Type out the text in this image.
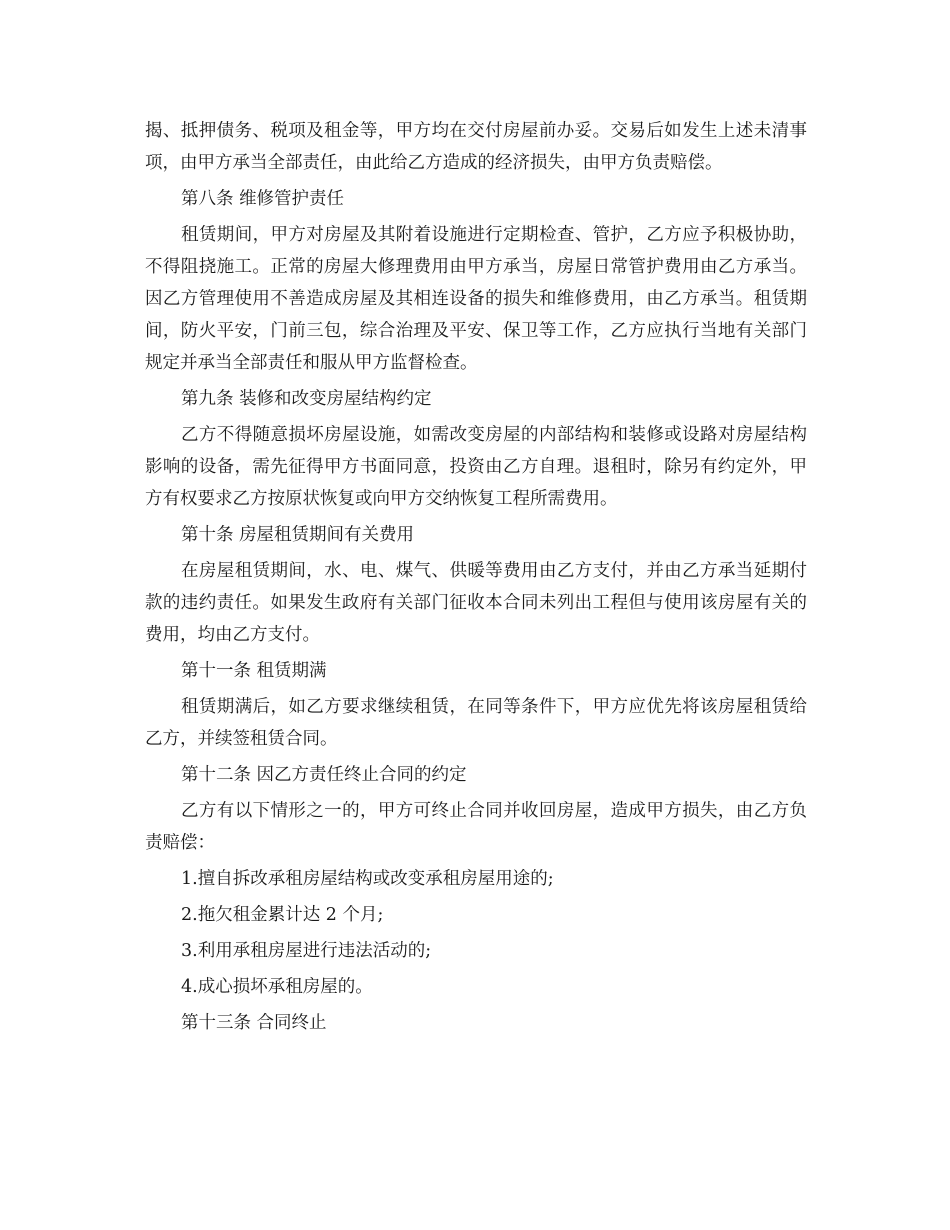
揭、抵押债务、税项及租金等，甲方均在交付房屋前办妥。交易后如发生上述未清事项，由甲方承当全部责任，由此给乙方造成的经济损失，由甲方负责赔偿。

第八条 维修管护责任

租赁期间，甲方对房屋及其附着设施进行定期检查、管护，乙方应予积极协助，不得阻挠施工。正常的房屋大修理费用由甲方承当，房屋日常管护费用由乙方承当。因乙方管理使用不善造成房屋及其相连设备的损失和维修费用，由乙方承当。租赁期间，防火平安，门前三包，综合治理及平安、保卫等工作，乙方应执行当地有关部门规定并承当全部责任和服从甲方监督检查。

第九条 装修和改变房屋结构约定

乙方不得随意损坏房屋设施，如需改变房屋的内部结构和装修或设路对房屋结构影响的设备，需先征得甲方书面同意，投资由乙方自理。退租时，除另有约定外，甲方有权要求乙方按原状恢复或向甲方交纳恢复工程所需费用。

第十条 房屋租赁期间有关费用

在房屋租赁期间，水、电、煤气、供暖等费用由乙方支付，并由乙方承当延期付款的违约责任。如果发生政府有关部门征收本合同未列出工程但与使用该房屋有关的费用，均由乙方支付。

第十一条 租赁期满

租赁期满后，如乙方要求继续租赁，在同等条件下，甲方应优先将该房屋租赁给乙方，并续签租赁合同。

第十二条 因乙方责任终止合同的约定

乙方有以下情形之一的，甲方可终止合同并收回房屋，造成甲方损失，由乙方负责赔偿：

1.擅自拆改承租房屋结构或改变承租房屋用途的;

2.拖欠租金累计达 2 个月;

3.利用承租房屋进行违法活动的;

4.成心损坏承租房屋的。

第十三条 合同终止
